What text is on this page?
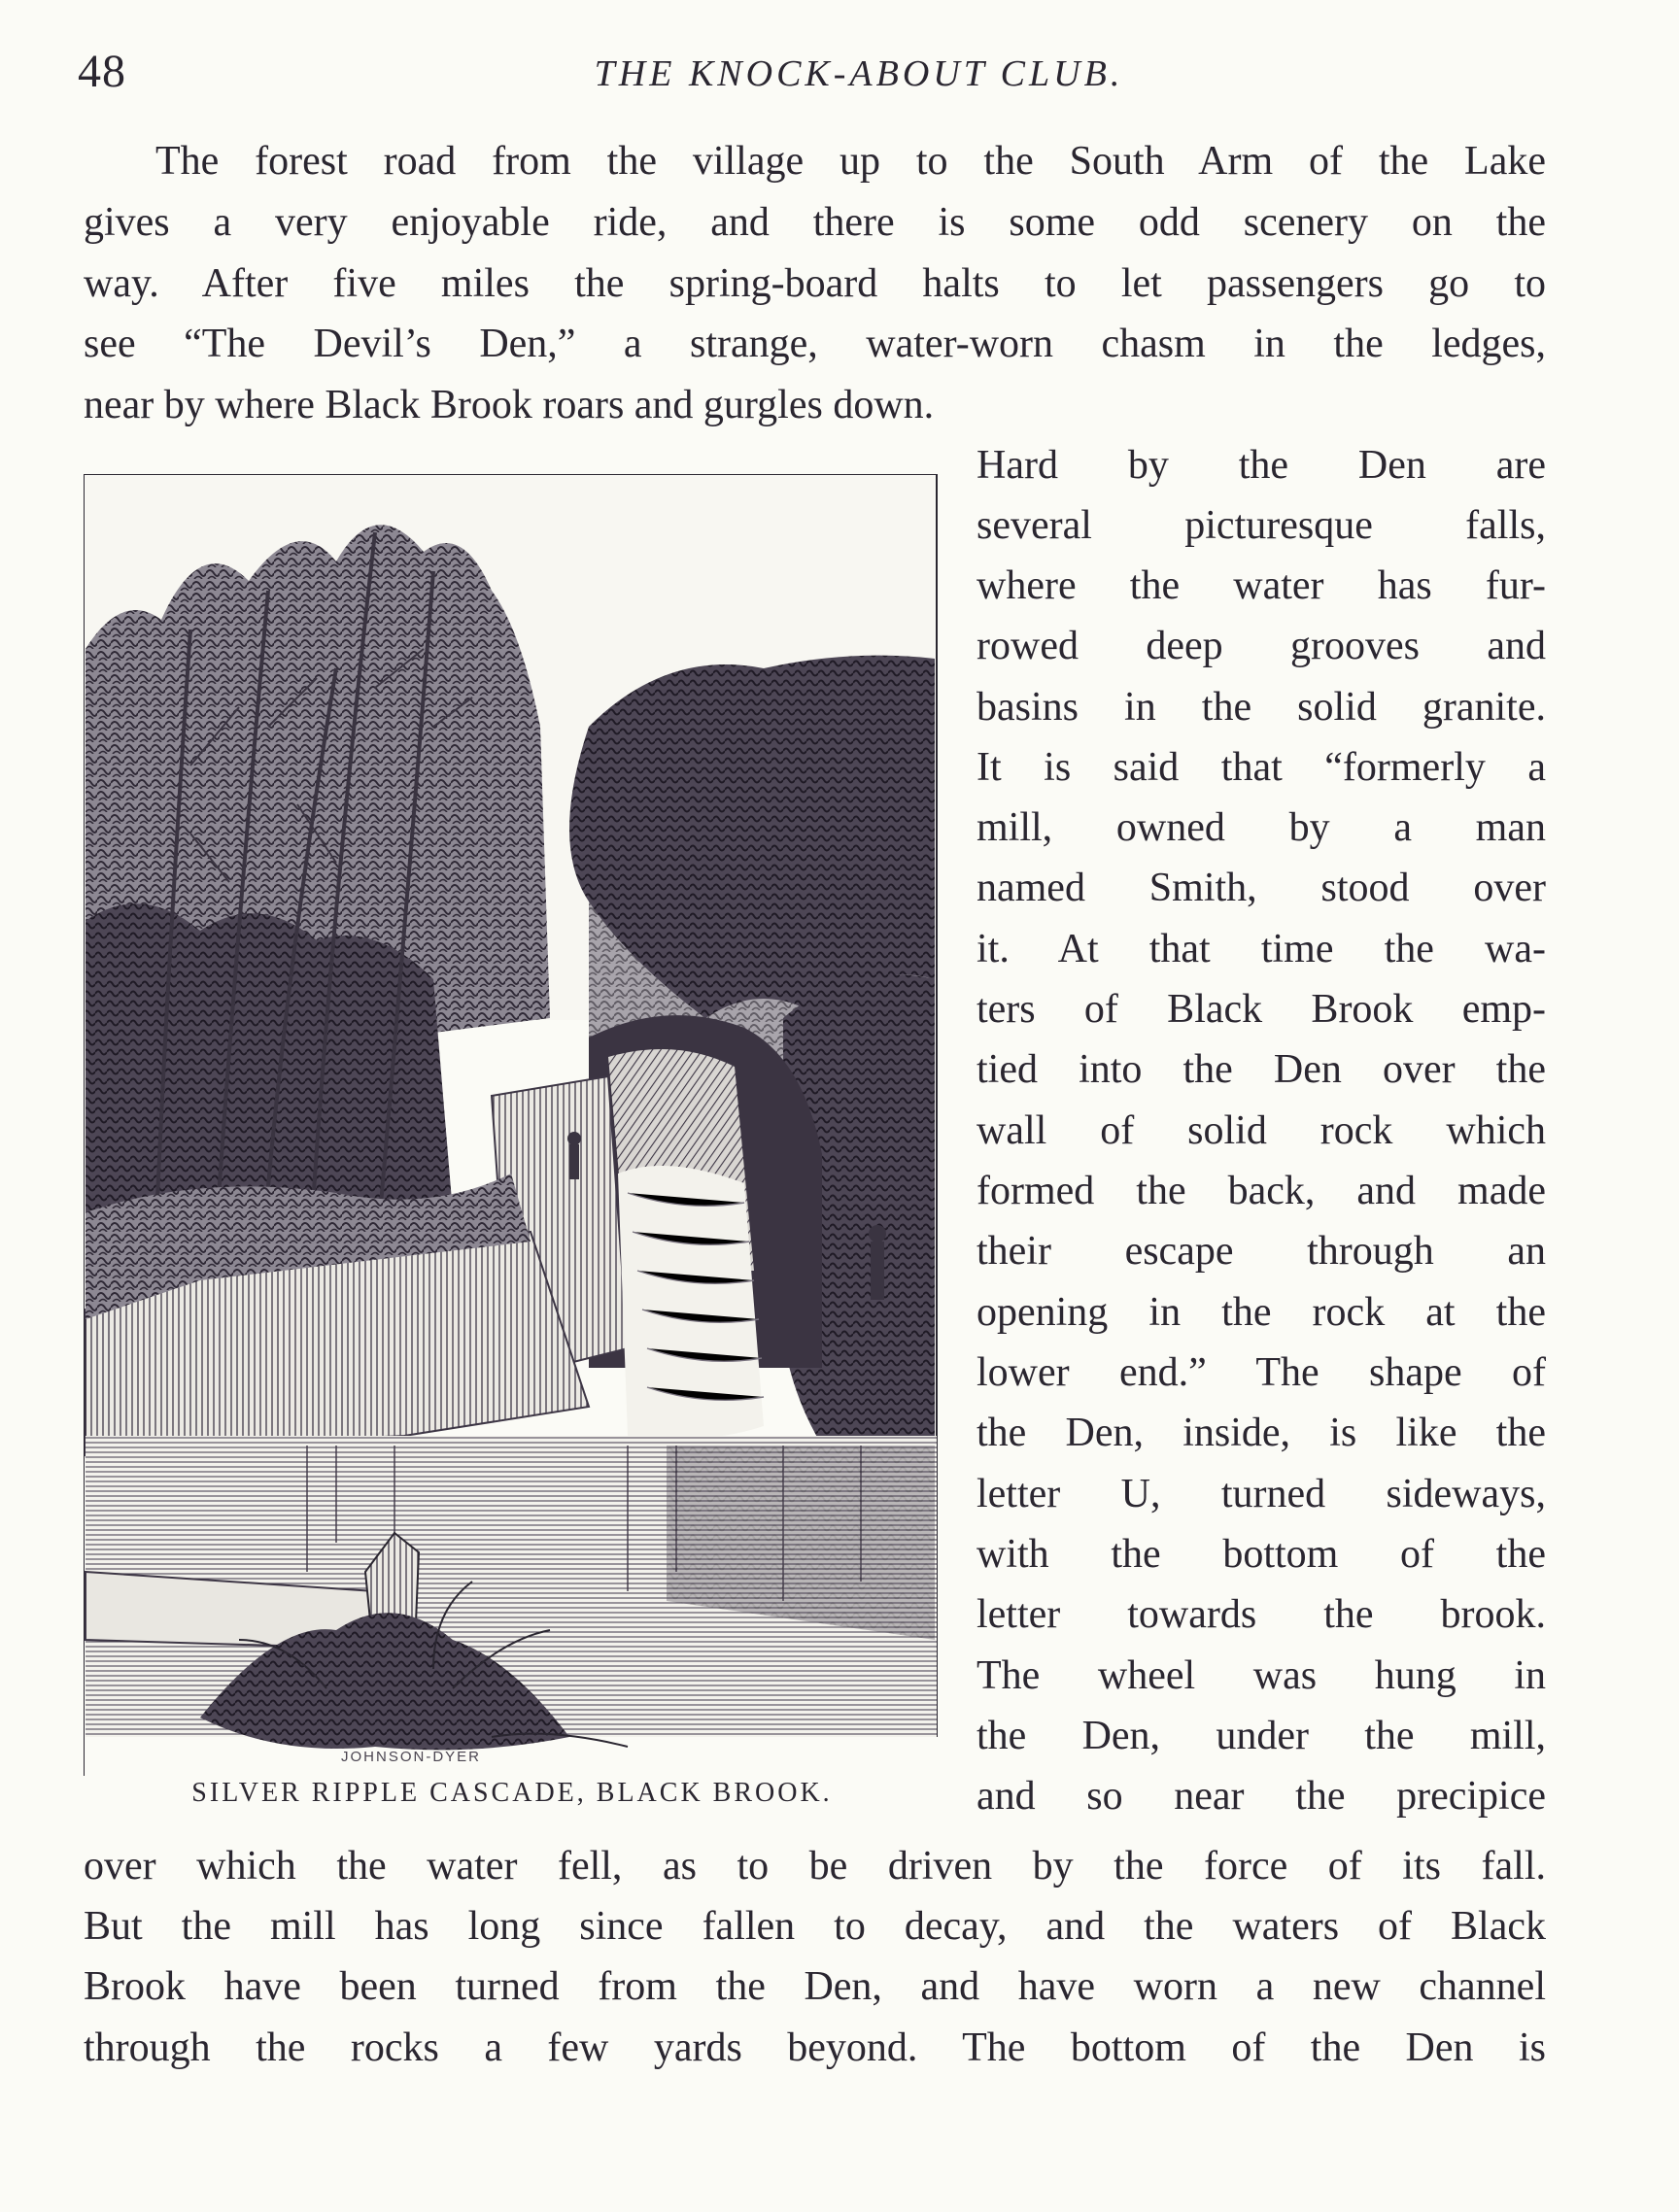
48	THE KNOCK-ABOUT CLUB.
The forest road from the village up to the South Arm of the Lake
gives a very enjoyable ride, and there is some odd scenery on the
way. After five miles the spring-board halts to let passengers go to
see “The Devil’s Den,” a strange, water-worn chasm in the ledges,
near by where Black Brook roars and gurgles down.
JOHNSON-DYER
SILVER RIPPLE CASCADE, BLACK BROOK.
Hard by the Den are
several picturesque falls,
where the water has fur-
rowed deep grooves and
basins in the solid granite.
It is said that “formerly a
mill, owned by a man
named Smith, stood over
it. At that time the wa-
ters of Black Brook emp-
tied into the Den over the
wall of solid rock which
formed the back, and made
their escape through an
opening in the rock at the
lower end.” The shape of
the Den, inside, is like the
letter U, turned sideways,
with the bottom of the
letter towards the brook.
The wheel was hung in
the Den, under the mill,
and so near the precipice
over which the water fell, as to be driven by the force of its fall.
But the mill has long since fallen to decay, and the waters of Black
Brook have been turned from the Den, and have worn a new channel
through the rocks a few yards beyond. The bottom of the Den is
